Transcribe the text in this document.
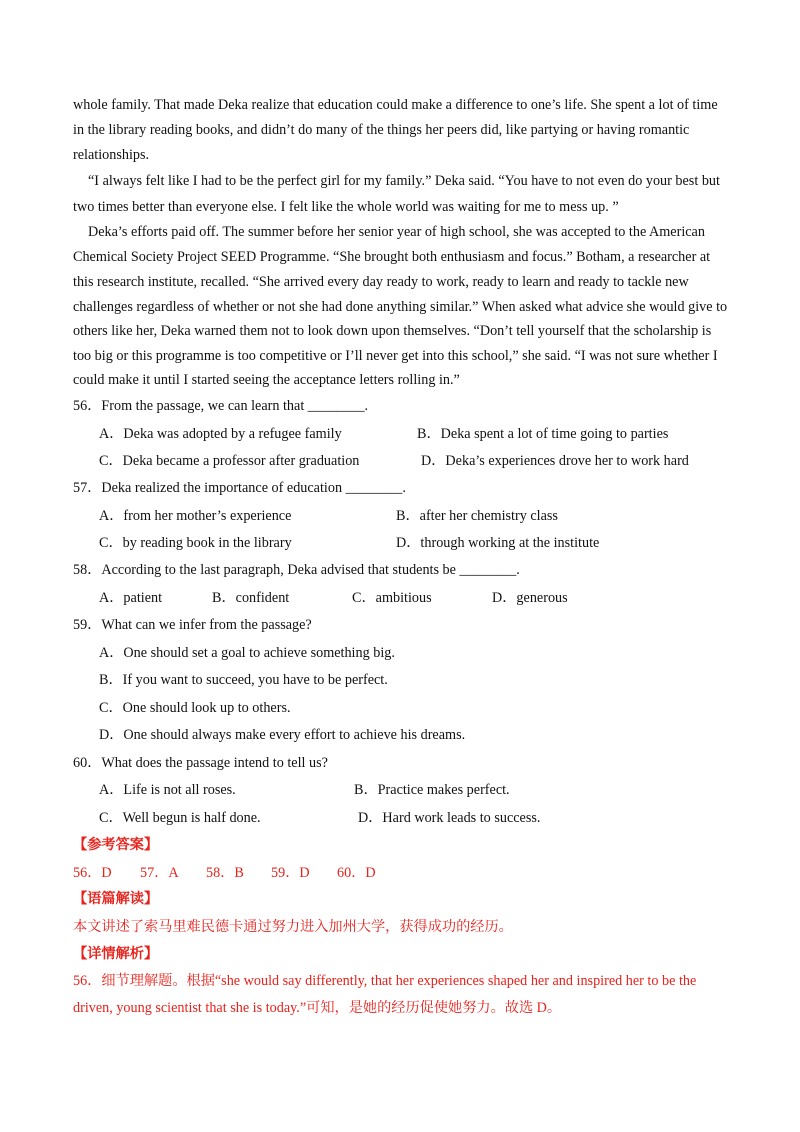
whole family. That made Deka realize that education could make a difference to one’s life. She spent a lot of time
in the library reading books, and didn’t do many of the things her peers did, like partying or having romantic
relationships.
“I always felt like I had to be the perfect girl for my family.” Deka said. “You have to not even do your best but
two times better than everyone else. I felt like the whole world was waiting for me to mess up. ”
Deka’s efforts paid off. The summer before her senior year of high school, she was accepted to the American
Chemical Society Project SEED Programme. “She brought both enthusiasm and focus.” Botham, a researcher at
this research institute, recalled. “She arrived every day ready to work, ready to learn and ready to tackle new
challenges regardless of whether or not she had done anything similar.” When asked what advice she would give to
others like her, Deka warned them not to look down upon themselves. “Don’t tell yourself that the scholarship is
too big or this programme is too competitive or I’ll never get into this school,” she said. “I was not sure whether I
could make it until I started seeing the acceptance letters rolling in.”
56．From the passage, we can learn that ________.
A．Deka was adopted by a refugee family	B．Deka spent a lot of time going to parties
C．Deka became a professor after graduation	D．Deka’s experiences drove her to work hard
57．Deka realized the importance of education ________.
A．from her mother’s experience	B．after her chemistry class
C．by reading book in the library	D．through working at the institute
58．According to the last paragraph, Deka advised that students be ________.
A．patient	B．confident	C．ambitious	D．generous
59．What can we infer from the passage?
A．One should set a goal to achieve something big.
B．If you want to succeed, you have to be perfect.
C．One should look up to others.
D．One should always make every effort to achieve his dreams.
60．What does the passage intend to tell us?
A．Life is not all roses.	B．Practice makes perfect.
C．Well begun is half done.	D．Hard work leads to success.
【参考答案】
56．D 57．A 58．B 59．D 60．D
【语篇解读】
本文讲述了索马里难民德卡通过努力进入加州大学，获得成功的经历。
【详情解析】
56．细节理解题。根据“she would say differently, that her experiences shaped her and inspired her to be the
driven, young scientist that she is today.”可知，是她的经历促使她努力。故选 D。
